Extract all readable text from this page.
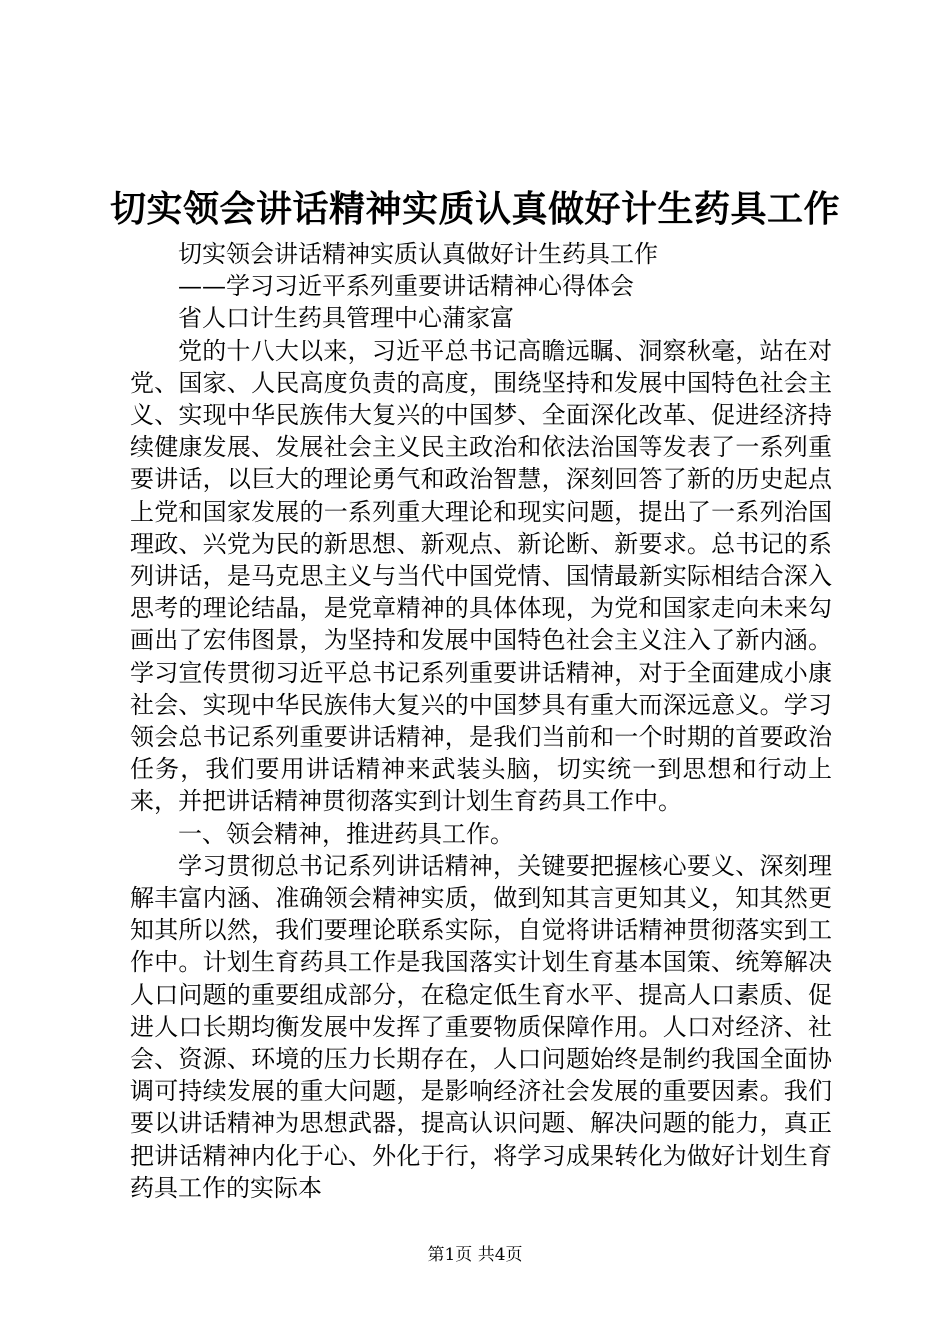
切实领会讲话精神实质认真做好计生药具工作

切实领会讲话精神实质认真做好计生药具工作

——学习习近平系列重要讲话精神心得体会

省人口计生药具管理中心蒲家富

党的十八大以来，习近平总书记高瞻远瞩、洞察秋毫，站在对党、国家、人民高度负责的高度，围绕坚持和发展中国特色社会主义、实现中华民族伟大复兴的中国梦、全面深化改革、促进经济持续健康发展、发展社会主义民主政治和依法治国等发表了一系列重要讲话，以巨大的理论勇气和政治智慧，深刻回答了新的历史起点上党和国家发展的一系列重大理论和现实问题，提出了一系列治国理政、兴党为民的新思想、新观点、新论断、新要求。总书记的系列讲话，是马克思主义与当代中国党情、国情最新实际相结合深入思考的理论结晶，是党章精神的具体体现，为党和国家走向未来勾画出了宏伟图景，为坚持和发展中国特色社会主义注入了新内涵。学习宣传贯彻习近平总书记系列重要讲话精神，对于全面建成小康社会、实现中华民族伟大复兴的中国梦具有重大而深远意义。学习领会总书记系列重要讲话精神，是我们当前和一个时期的首要政治任务，我们要用讲话精神来武装头脑，切实统一到思想和行动上来，并把讲话精神贯彻落实到计划生育药具工作中。

一、领会精神，推进药具工作。

学习贯彻总书记系列讲话精神，关键要把握核心要义、深刻理解丰富内涵、准确领会精神实质，做到知其言更知其义，知其然更知其所以然，我们要理论联系实际，自觉将讲话精神贯彻落实到工作中。计划生育药具工作是我国落实计划生育基本国策、统筹解决人口问题的重要组成部分，在稳定低生育水平、提高人口素质、促进人口长期均衡发展中发挥了重要物质保障作用。人口对经济、社会、资源、环境的压力长期存在，人口问题始终是制约我国全面协调可持续发展的重大问题，是影响经济社会发展的重要因素。我们要以讲话精神为思想武器，提高认识问题、解决问题的能力，真正把讲话精神内化于心、外化于行，将学习成果转化为做好计划生育药具工作的实际本

第1页 共4页
